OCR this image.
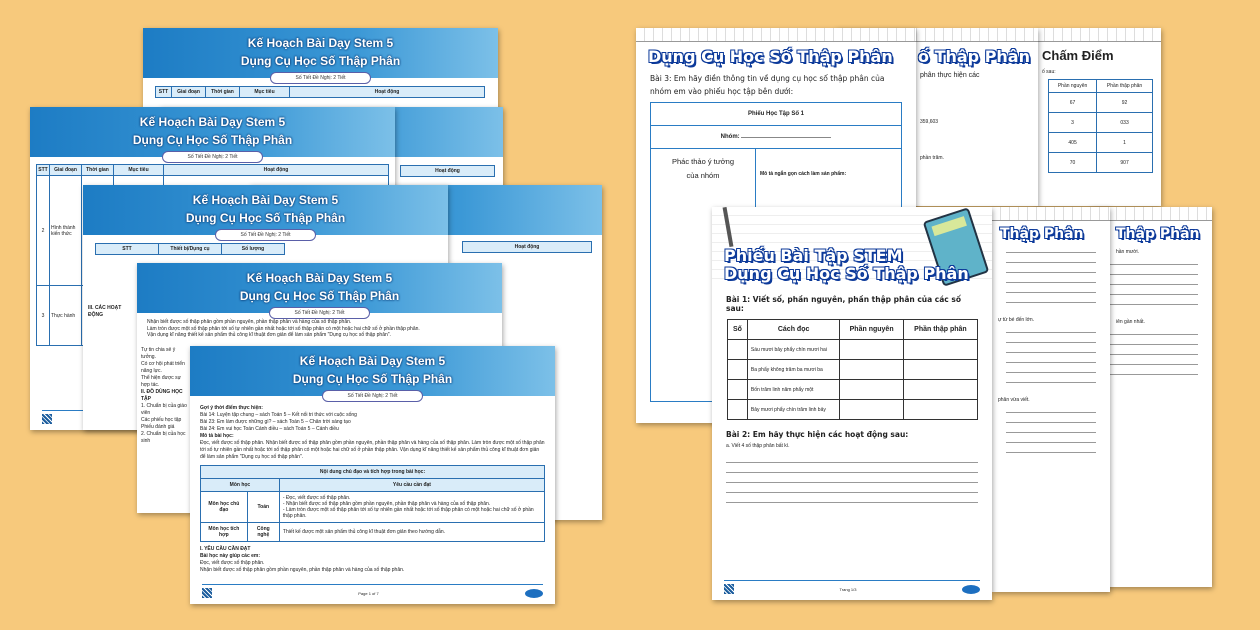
Kế Hoạch Bài Dạy Stem 5
Dụng Cụ Học Số Thập Phân
Số Tiết Đề Nghị: 2 Tiết
STT	Giai đoạn	Thời gian	Mục tiêu	Hoạt động
Hoạt động
Kế Hoạch Bài Dạy Stem 5
Dụng Cụ Học Số Thập Phân
Số Tiết Đề Nghị: 2 Tiết
STT	Giai đoạn	Thời gian	Mục tiêu	Hoạt động
2	Hình thành kiến thức			
3	Thực hành			
Hoạt động
Kế Hoạch Bài Dạy Stem 5
Dụng Cụ Học Số Thập Phân
Số Tiết Đề Nghị: 2 Tiết
STT	Thiết bị/Dụng cụ	Số lượng
III. CÁC HOẠT ĐỘNG
Kế Hoạch Bài Dạy Stem 5
Dụng Cụ Học Số Thập Phân
Số Tiết Đề Nghị: 2 Tiết
Nhận biết được số thập phân gồm phần nguyên, phần thập phân và hàng của số thập phân.
Làm tròn được một số thập phân tới số tự nhiên gần nhất hoặc tới số thập phân có một hoặc hai chữ số ở phần thập phân.
Vận dụng kĩ năng thiết kế sản phẩm thủ công kĩ thuật đơn giản để làm sản phẩm "Dụng cụ học số thập phân".
Tự tin chia sẻ ý tưởng.
Có cơ hội phát triển năng lực.
Thể hiện được sự hợp tác.
II. ĐỒ DÙNG HỌC TẬP
1. Chuẩn bị của giáo viên
Các phiếu học tập
Phiếu đánh giá
2. Chuẩn bị của học sinh
Kế Hoạch Bài Dạy Stem 5
Dụng Cụ Học Số Thập Phân
Số Tiết Đề Nghị: 2 Tiết
Gợi ý thời điểm thực hiện:
Bài 14: Luyện tập chung – sách Toán 5 – Kết nối tri thức với cuộc sống
Bài 23: Em làm được những gì? – sách Toán 5 – Chân trời sáng tạo
Bài 24: Em vui học Toán Cánh diều – sách Toán 5 – Cánh diều
Mô tả bài học:
Đọc, viết được số thập phân. Nhận biết được số thập phân gồm phần nguyên, phần thập phân và hàng của số thập phân. Làm tròn được một số thập phân tới số tự nhiên gần nhất hoặc tới số thập phân có một hoặc hai chữ số ở phần thập phân. Vận dụng kĩ năng thiết kế sản phẩm thủ công kĩ thuật đơn giản để làm sản phẩm "Dụng cụ học số thập phân".
Nội dung chủ đạo và tích hợp trong bài học:		
Môn học		Yêu cầu cần đạt
Môn học chủ đạo	Toán	- Đọc, viết được số thập phân.
- Nhận biết được số thập phân gồm phần nguyên, phần thập phân và hàng của số thập phân.
- Làm tròn được một số thập phân tới số tự nhiên gần nhất hoặc tới số thập phân có một hoặc hai chữ số ở phần thập phân.

Môn học tích hợp	Công nghệ	Thiết kế được một sản phẩm thủ công kĩ thuật đơn giản theo hướng dẫn.
I. YÊU CẦU CẦN ĐẠT
Bài học này giúp các em:
Đọc, viết được số thập phân.
Nhận biết được số thập phân gồm phần nguyên, phần thập phân và hàng của số thập phân.
Page 1 of 7
Chấm Điểm
ố sau:
Phần nguyên	Phần thập phân
67	92
3	033
405	1
70	907
ố Thập Phân
phân thực hiện các
359,603
phần trăm.
Dụng Cụ Học Số Thập Phân
Bài 3: Em hãy điền thông tin về dụng cụ học số thập phân của nhóm em vào phiếu học tập bên dưới:
Phiếu Học Tập Số 1
Nhóm:
Phác thảo ý tưởng của nhóm	Mô tả ngắn gọn cách làm sản phẩm:
Thập Phân
hần mười.
iên gần nhất.
Thập Phân
ự từ bé đến lớn.
phân vừa viết.
Phiếu Bài Tập STEM
Dụng Cụ Học Số Thập Phân
Bài 1: Viết số, phần nguyên, phần thập phân của các số sau:
Số	Cách đọc	Phần nguyên	Phần thập phân
	Sáu mươi bảy phẩy chín mươi hai		
	Ba phẩy không trăm ba mươi ba		
	Bốn trăm linh năm phẩy một		
	Bảy mươi phẩy chín trăm linh bảy		
Bài 2: Em hãy thực hiện các hoạt động sau:
a. Viết 4 số thập phân bất kì.
Trang 1/3
